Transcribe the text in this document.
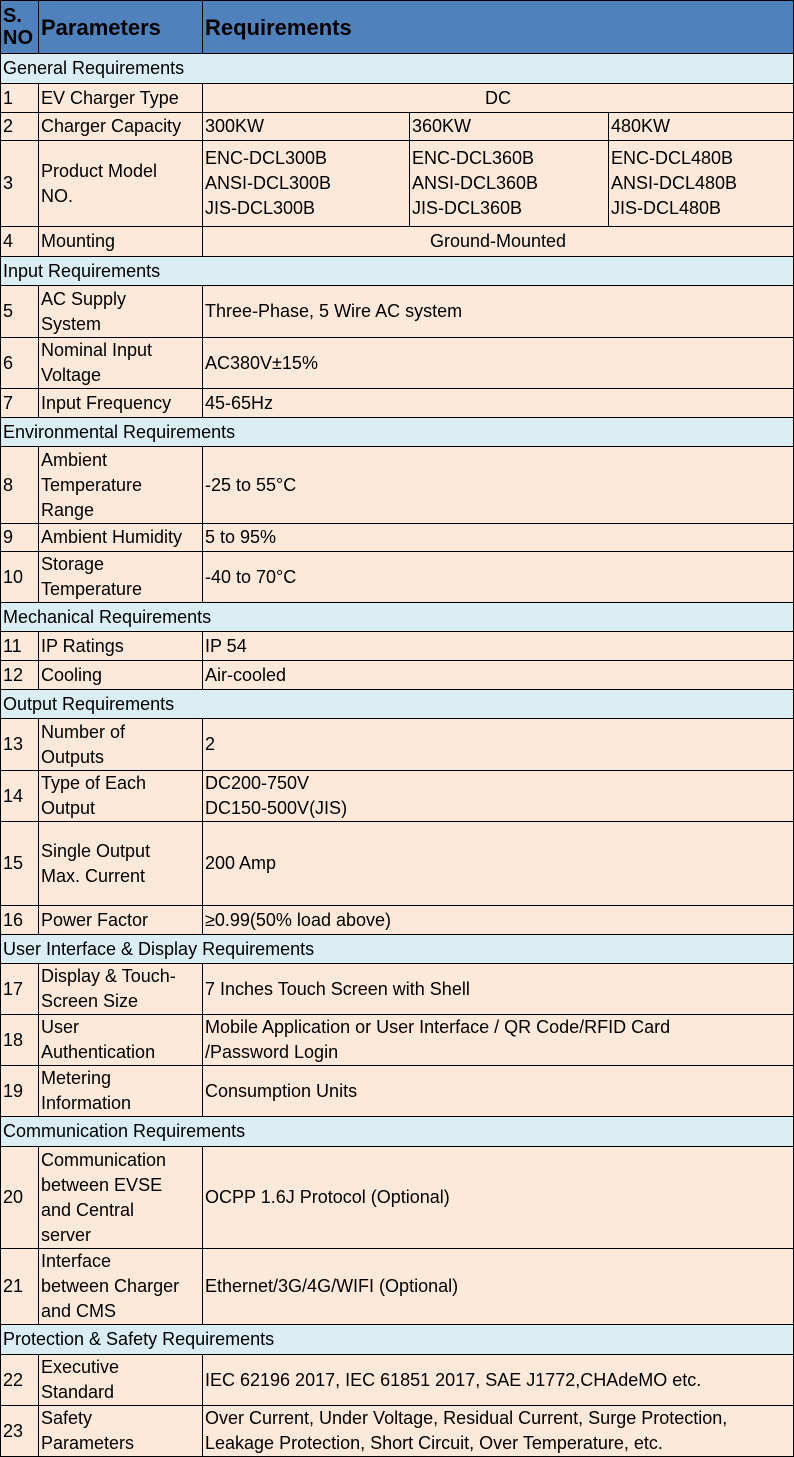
S.
NO	Parameters	Requirements		
General Requirements				
1	EV Charger Type	DC		
2	Charger Capacity	300KW	360KW	480KW
3	Product Model
NO.	ENC-DCL300B
ANSI-DCL300B
JIS-DCL300B	ENC-DCL360B
ANSI-DCL360B
JIS-DCL360B	ENC-DCL480B
ANSI-DCL480B
JIS-DCL480B
4	Mounting	Ground-Mounted		
Input Requirements				
5	AC Supply
System	Three-Phase, 5 Wire AC system		
6	Nominal Input
Voltage	AC380V±15%		
7	Input Frequency	45-65Hz		
Environmental Requirements				
8	Ambient
Temperature
Range	-25 to 55°C		
9	Ambient Humidity	5 to 95%		
10	Storage
Temperature	-40 to 70°C		
Mechanical Requirements				
11	IP Ratings	IP 54		
12	Cooling	Air-cooled		
Output Requirements				
13	Number of
Outputs	2		
14	Type of Each
Output	DC200-750V
DC150-500V(JIS)		
15	Single Output
Max. Current	200 Amp		
16	Power Factor	≥0.99(50% load above)		
User Interface & Display Requirements				
17	Display & Touch-
Screen Size	7 Inches Touch Screen with Shell		
18	User
Authentication	Mobile Application or User Interface / QR Code/RFID Card
/Password Login		
19	Metering
Information	Consumption Units		
Communication Requirements				
20	Communication
between EVSE
and Central
server	OCPP 1.6J Protocol (Optional)		
21	Interface
between Charger
and CMS	Ethernet/3G/4G/WIFI (Optional)		
Protection & Safety Requirements				
22	Executive
Standard	IEC 62196 2017, IEC 61851 2017, SAE J1772,CHAdeMO etc.		
23	Safety
Parameters	Over Current, Under Voltage, Residual Current, Surge Protection,
Leakage Protection, Short Circuit, Over Temperature, etc.		
